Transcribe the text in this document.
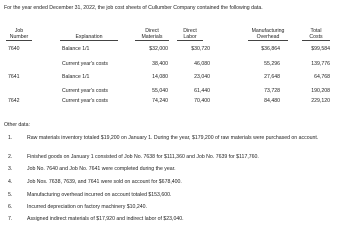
For the year ended December 31, 2022, the job cost sheets of Cullumber Company contained the following data.
Job
Number
	Explanation
Direct
Materials
Direct
Labor
Manufacturing
Overhead
Total
Costs
7640	Balance 1/1	$32,000	$30,720	$36,864	$99,584
Current year's costs	38,400	46,080	55,296	139,776
7641	Balance 1/1	14,080	23,040	27,648	64,768
Current year's costs	55,040	61,440	73,728	190,208
7642	Current year's costs	74,240	70,400	84,480	229,120
Other data:
1.	Raw materials inventory totaled $19,200 on January 1. During the year, $179,200 of raw materials were purchased on account.
2.	Finished goods on January 1 consisted of Job No. 7638 for $111,360 and Job No. 7639 for $117,760.
3.	Job No. 7640 and Job No. 7641 were completed during the year.
4.	Job Nos. 7638, 7639, and 7641 were sold on account for $678,400.
5.	Manufacturing overhead incurred on account totaled $153,600.
6.	Incurred depreciation on factory machinery $10,240.
7.	Assigned indirect materials of $17,920 and indirect labor of $23,040.
